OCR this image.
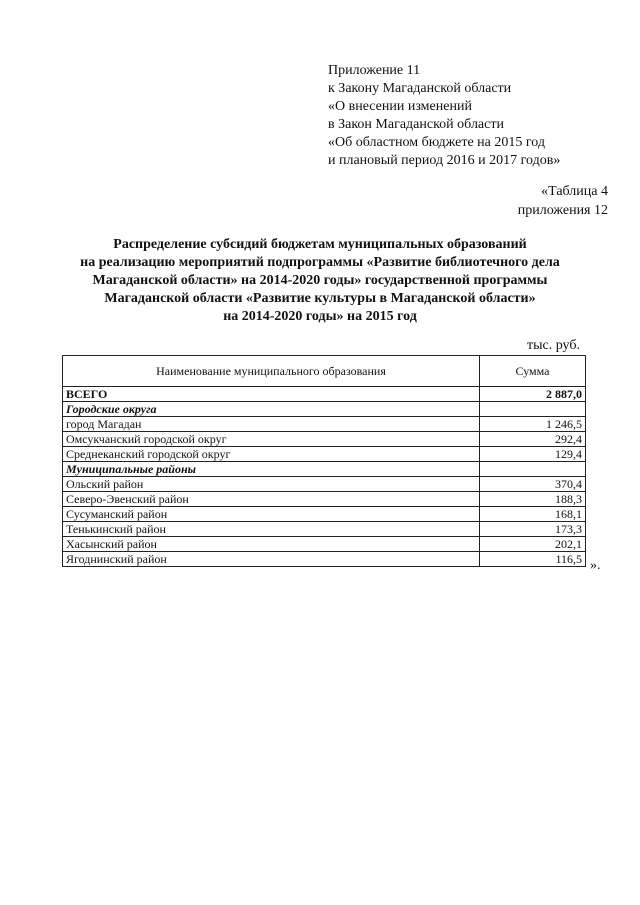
Приложение 11
к Закону Магаданской области
«О внесении изменений
в Закон Магаданской области
«Об областном бюджете на 2015 год
и плановый период 2016 и 2017 годов»
«Таблица 4
приложения 12
Распределение субсидий бюджетам муниципальных образований
на реализацию мероприятий подпрограммы «Развитие библиотечного дела
Магаданской области» на 2014-2020 годы» государственной программы
Магаданской области «Развитие культуры в Магаданской области»
на 2014-2020 годы» на 2015 год
тыс. руб.
Наименование муниципального образования	Сумма
ВСЕГО	2 887,0
Городские округа	
город Магадан	1 246,5
Омсукчанский городской округ	292,4
Среднеканский городской округ	129,4
Муниципальные районы	
Ольский район	370,4
Северо-Эвенский район	188,3
Сусуманский район	168,1
Тенькинский район	173,3
Хасынский район	202,1
Ягоднинский район	116,5 ».
